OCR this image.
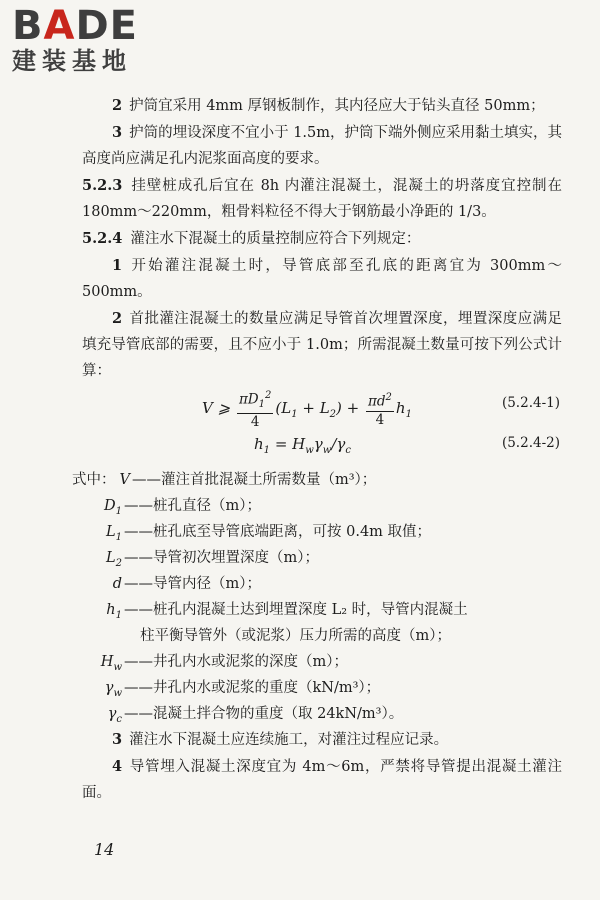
BADE
建装基地

2 护筒宜采用 4mm 厚钢板制作，其内径应大于钻头直径 50mm；

3 护筒的埋设深度不宜小于 1.5m，护筒下端外侧应采用黏土填实，其高度尚应满足孔内泥浆面高度的要求。

5.2.3 挂壁桩成孔后宜在 8h 内灌注混凝土，混凝土的坍落度宜控制在 180mm～220mm，粗骨料粒径不得大于钢筋最小净距的 1/3。

5.2.4 灌注水下混凝土的质量控制应符合下列规定：

1 开始灌注混凝土时，导管底部至孔底的距离宜为 300mm～500mm。

2 首批灌注混凝土的数量应满足导管首次埋置深度，埋置深度应满足填充导管底部的需要，且不应小于 1.0m；所需混凝土数量可按下列公式计算：

V ⩾ $\frac{\pi D_1^2}{4} (L_1 + L_2) + \frac{\pi d^2}{4} h_1$
(5.2.4-1)
$h_1 = H_w\gamma_w/\gamma_c$	(5.2.4-2)
式中： V ——灌注首批混凝土所需数量（m³）；
$D_1$ ——桩孔直径（m）；
$L_1$ ——桩孔底至导管底端距离，可按 0.4m 取值；
$L_2$ ——导管初次埋置深度（m）；
d ——导管内径（m）；
$h_1$ ——桩孔内混凝土达到埋置深度 L₂ 时，导管内混凝土
柱平衡导管外（或泥浆）压力所需的高度（m）；
$H_w$ ——井孔内水或泥浆的深度（m）；
$\gamma_w$ ——井孔内水或泥浆的重度（kN/m³）；
$\gamma_c$ ——混凝土拌合物的重度（取 24kN/m³）。

3 灌注水下混凝土应连续施工，对灌注过程应记录。

4 导管埋入混凝土深度宜为 4m～6m，严禁将导管提出混凝土灌注面。

14
